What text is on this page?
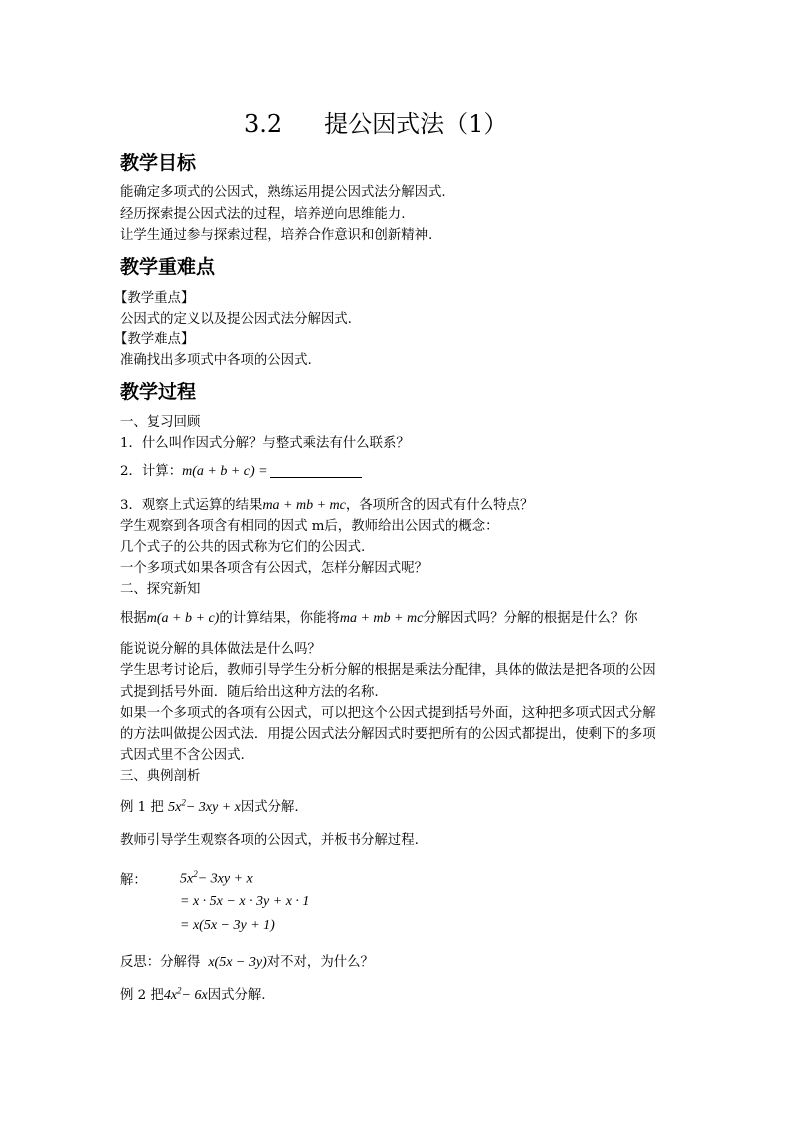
3.2 提公因式法（1）
教学目标
能确定多项式的公因式，熟练运用提公因式法分解因式.
经历探索提公因式法的过程，培养逆向思维能力.
让学生通过参与探索过程，培养合作意识和创新精神.
教学重难点
【教学重点】
公因式的定义以及提公因式法分解因式.
【教学难点】
准确找出多项式中各项的公因式.
教学过程
一、复习回顾
1．什么叫作因式分解？与整式乘法有什么联系？
2．计算：m(a + b + c) =
3．观察上式运算的结果ma + mb + mc，各项所含的因式有什么特点？
学生观察到各项含有相同的因式 m后，教师给出公因式的概念：
几个式子的公共的因式称为它们的公因式.
一个多项式如果各项含有公因式，怎样分解因式呢？
二、探究新知
根据m(a + b + c)的计算结果，你能将ma + mb + mc分解因式吗？分解的根据是什么？你
能说说分解的具体做法是什么吗？
学生思考讨论后，教师引导学生分析分解的根据是乘法分配律，具体的做法是把各项的公因
式提到括号外面．随后给出这种方法的名称.
如果一个多项式的各项有公因式，可以把这个公因式提到括号外面，这种把多项式因式分解
的方法叫做提公因式法．用提公因式法分解因式时要把所有的公因式都提出，使剩下的多项
式因式里不含公因式.
三、典例剖析
例 1 把 $5x^2- 3xy + x$因式分解.
教师引导学生观察各项的公因式，并板书分解过程.
解： $5x^2- 3xy + x$
= x · 5x − x · 3y + x · 1
= x(5x − 3y + 1)
反思：分解得 x(5x − 3y)对不对，为什么？
例 2 把$4x^2- 6x$因式分解.
